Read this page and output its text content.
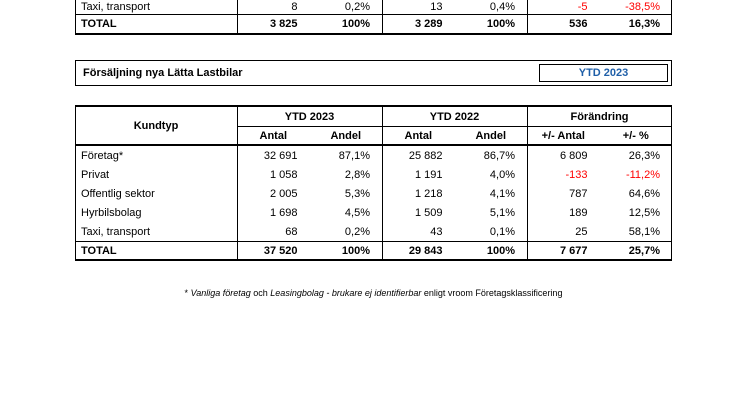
Taxi, transport	8	0,2%	13	0,4%	-5	-38,5%
TOTAL	3 825	100%	3 289	100%	536	16,3%
Försäljning nya Lätta Lastbilar	YTD 2023
Kundtyp
YTD 2023	YTD 2022	Förändring
Antal	Andel	Antal	Andel	+/- Antal	+/- %
Företag*	32 691	87,1%	25 882	86,7%	6 809	26,3%
Privat	1 058	2,8%	1 191	4,0%	-133	-11,2%
Offentlig sektor	2 005	5,3%	1 218	4,1%	787	64,6%
Hyrbilsbolag	1 698	4,5%	1 509	5,1%	189	12,5%
Taxi, transport	68	0,2%	43	0,1%	25	58,1%
TOTAL	37 520	100%	29 843	100%	7 677	25,7%
* Vanliga företag och Leasingbolag - brukare ej identifierbar enligt vroom Företagsklassificering
